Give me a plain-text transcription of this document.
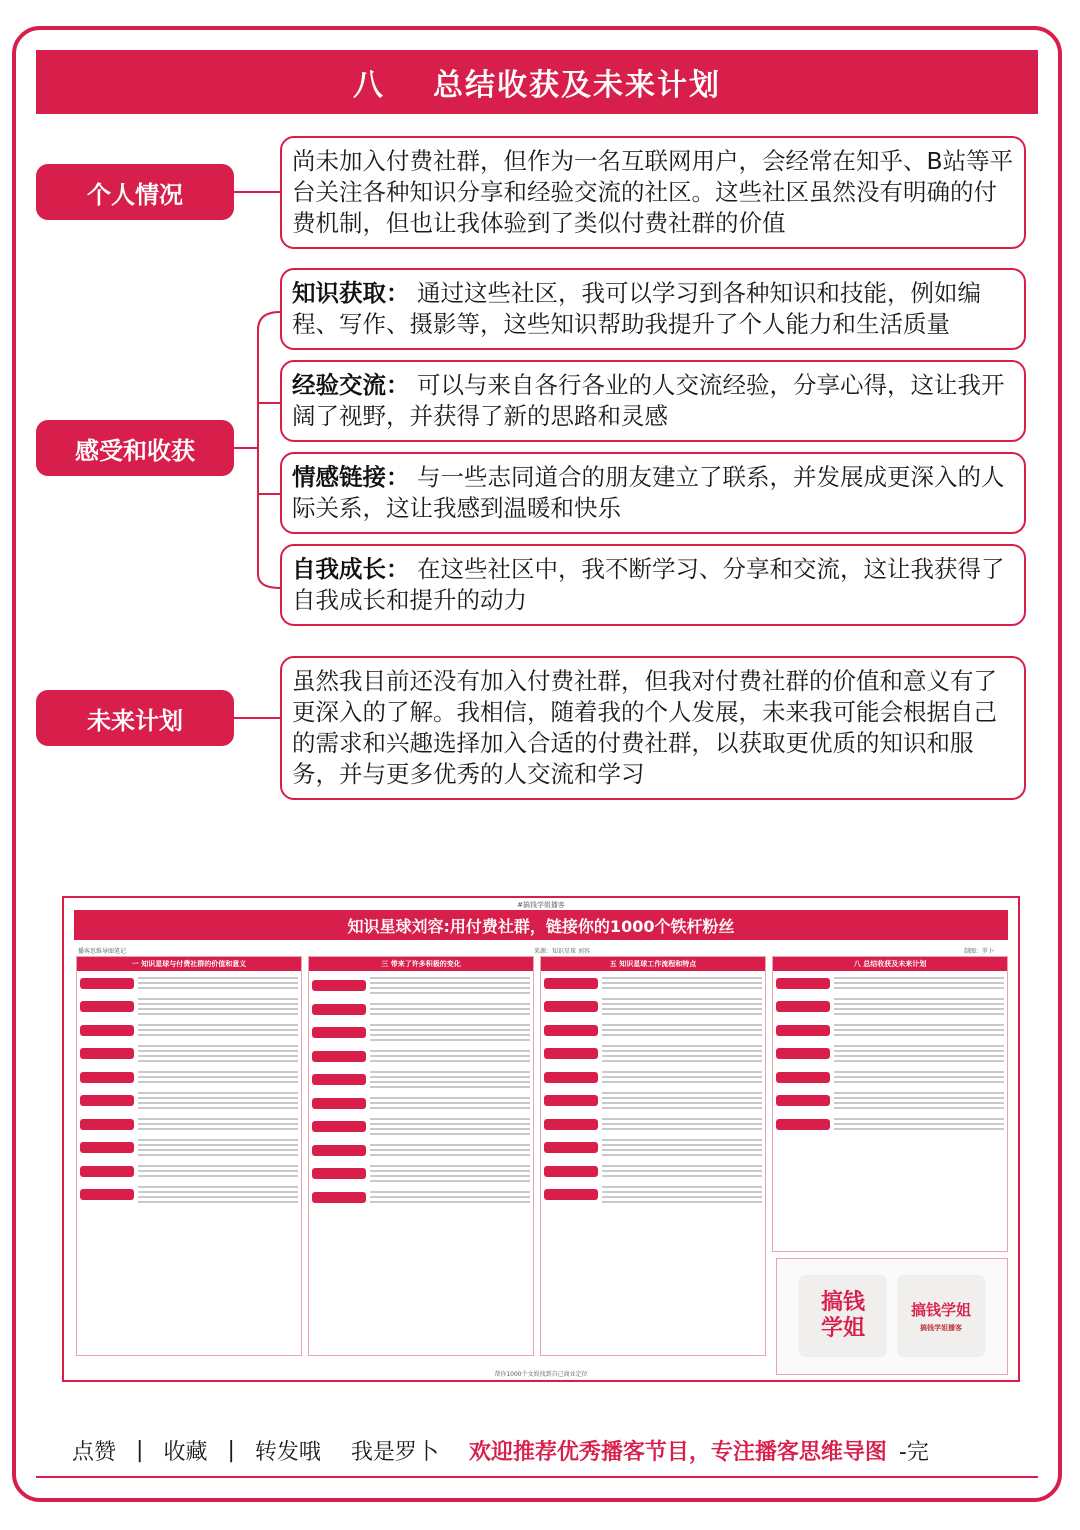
八 总结收获及未来计划
个人情况
尚未加入付费社群，但作为一名互联网用户，会经常在知乎、B站等平台关注各种知识分享和经验交流的社区。这些社区虽然没有明确的付费机制，但也让我体验到了类似付费社群的价值
感受和收获
知识获取： 通过这些社区，我可以学习到各种知识和技能，例如编程、写作、摄影等，这些知识帮助我提升了个人能力和生活质量
经验交流： 可以与来自各行各业的人交流经验，分享心得，这让我开阔了视野，并获得了新的思路和灵感
情感链接： 与一些志同道合的朋友建立了联系，并发展成更深入的人际关系，这让我感到温暖和快乐
自我成长： 在这些社区中，我不断学习、分享和交流，这让我获得了自我成长和提升的动力
未来计划
虽然我目前还没有加入付费社群，但我对付费社群的价值和意义有了更深入的了解。我相信，随着我的个人发展，未来我可能会根据自己的需求和兴趣选择加入合适的付费社群，以获取更优质的知识和服务，并与更多优秀的人交流和学习
#搞钱学姐播客
知识星球刘容:用付费社群，链接你的1000个铁杆粉丝
播客思维导图笔记	来源：知识星球 刘容	制图：罗卜
一 知识星球与付费社群的价值和意义

	三 带来了许多积极的变化

	五 知识星球工作流程和特点

	八 总结收获及未来计划

搞钱学姐
搞钱学姐
搞钱学姐播客
帮你1000个文娱找到自己商业定位
点赞 | 收藏 | 转发哦 我是罗卜 欢迎推荐优秀播客节目，专注播客思维导图 -完
